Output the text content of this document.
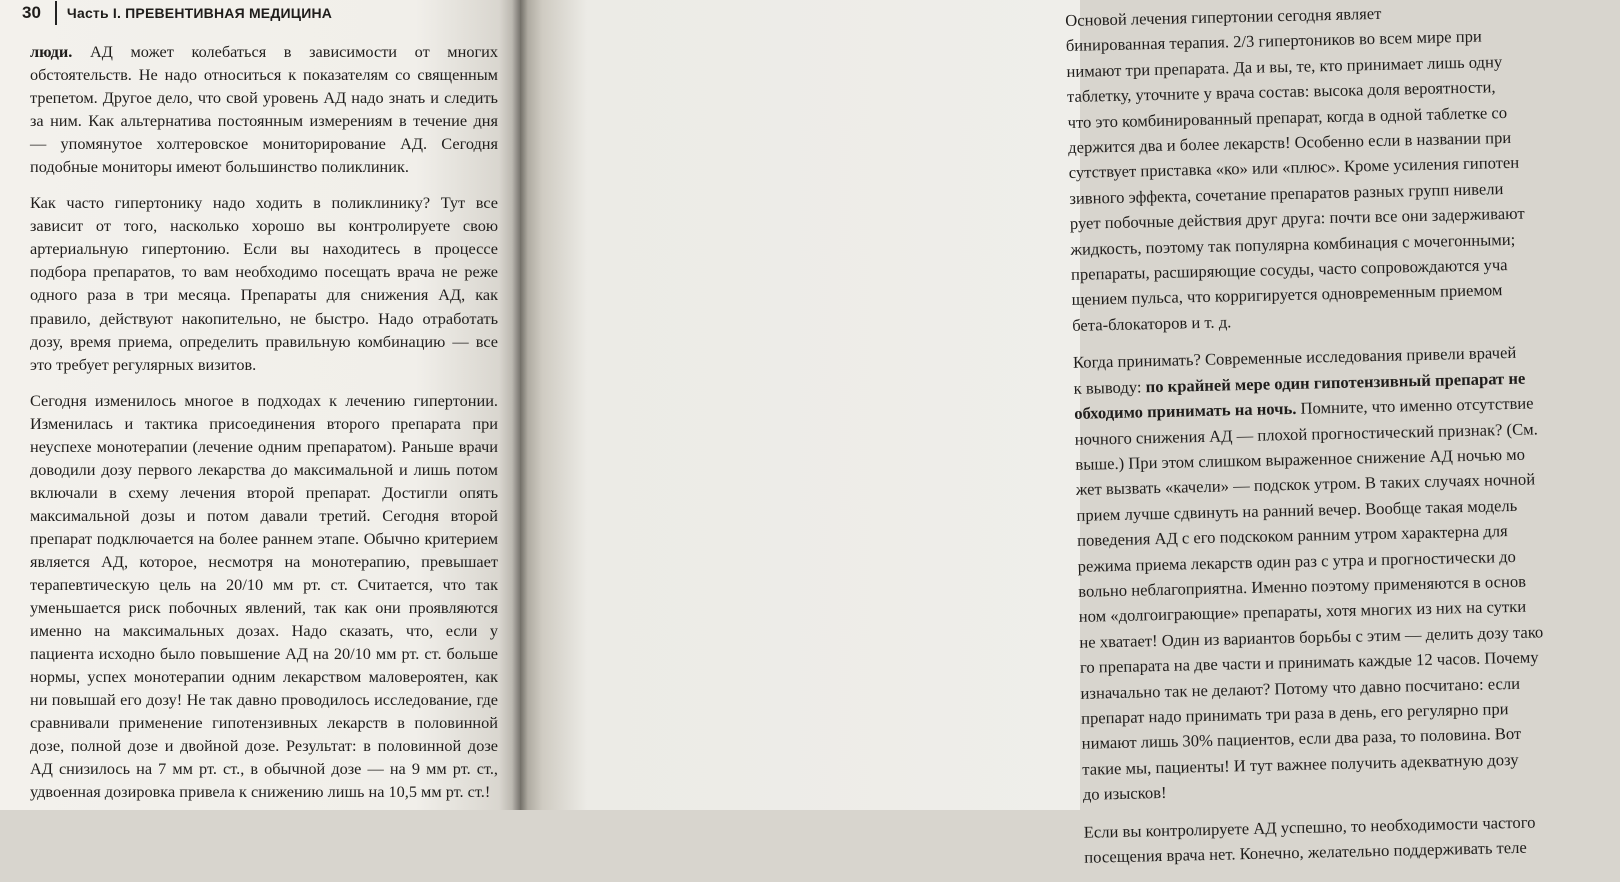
30 Часть I. ПРЕВЕНТИВНАЯ МЕДИЦИНА

люди. АД может колебаться в зависимости от многих обстоятельств. Не надо относиться к показателям со священным трепетом. Другое дело, что свой уровень АД надо знать и следить за ним. Как альтернатива постоянным измерениям в течение дня — упомянутое холтеровское мониторирование АД. Сегодня подобные мониторы имеют большинство поликлиник.

Как часто гипертонику надо ходить в поликлинику? Тут все зависит от того, насколько хорошо вы контролируете свою артериальную гипертонию. Если вы находитесь в процессе подбора препаратов, то вам необходимо посещать врача не реже одного раза в три месяца. Препараты для снижения АД, как правило, действуют накопительно, не быстро. Надо отработать дозу, время приема, определить правильную комбинацию — все это требует регулярных визитов.

Сегодня изменилось многое в подходах к лечению гипертонии. Изменилась и тактика присоединения второго препарата при неуспехе монотерапии (лечение одним препаратом). Раньше врачи доводили дозу первого лекарства до максимальной и лишь потом включали в схему лечения второй препарат. Достигли опять максимальной дозы и потом давали третий. Сегодня второй препарат подключается на более раннем этапе. Обычно критерием является АД, которое, несмотря на монотерапию, превышает терапевтическую цель на 20/10 мм рт. ст. Считается, что так уменьшается риск побочных явлений, так как они проявляются именно на максимальных дозах. Надо сказать, что, если у пациента исходно было повышение АД на 20/10 мм рт. ст. больше нормы, успех монотерапии одним лекарством маловероятен, как ни повышай его дозу! Не так давно проводилось исследование, где сравнивали применение гипотензивных лекарств в половинной дозе, полной дозе и двойной дозе. Результат: в половинной дозе АД снизилось на 7 мм рт. ст., в обычной дозе — на 9 мм рт. ст., удвоенная дозировка привела к снижению лишь на 10,5 мм рт. ст.!

Основой лечения гипертонии сегодня являет
бинированная терапия. 2/3 гипертоников во всем мире при
нимают три препарата. Да и вы, те, кто принимает лишь одну
таблетку, уточните у врача состав: высока доля вероятности,
что это комбинированный препарат, когда в одной таблетке со
держится два и более лекарств! Особенно если в названии при
сутствует приставка «ко» или «плюс». Кроме усиления гипотен
зивного эффекта, сочетание препаратов разных групп нивели
рует побочные действия друг друга: почти все они задерживают
жидкость, поэтому так популярна комбинация с мочегонными;
препараты, расширяющие сосуды, часто сопровождаются уча
щением пульса, что корригируется одновременным приемом
бета-блокаторов и т. д.

Когда принимать? Современные исследования привели врачей
к выводу: по крайней мере один гипотензивный препарат не
обходимо принимать на ночь. Помните, что именно отсутствие
ночного снижения АД — плохой прогностический признак? (См.
выше.) При этом слишком выраженное снижение АД ночью мо
жет вызвать «качели» — подскок утром. В таких случаях ночной
прием лучше сдвинуть на ранний вечер. Вообще такая модель
поведения АД с его подскоком ранним утром характерна для
режима приема лекарств один раз с утра и прогностически до
вольно неблагоприятна. Именно поэтому применяются в основ
ном «долгоиграющие» препараты, хотя многих из них на сутки
не хватает! Один из вариантов борьбы с этим — делить дозу тако
го препарата на две части и принимать каждые 12 часов. Почему
изначально так не делают? Потому что давно посчитано: если
препарат надо принимать три раза в день, его регулярно при
нимают лишь 30% пациентов, если два раза, то половина. Вот
такие мы, пациенты! И тут важнее получить адекватную дозу
до изысков!

Если вы контролируете АД успешно, то необходимости частого
посещения врача нет. Конечно, желательно поддерживать теле
